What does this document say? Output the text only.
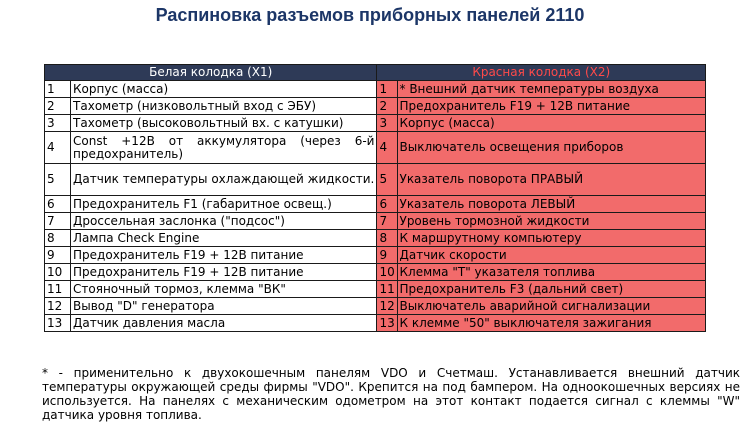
Распиновка разъемов приборных панелей 2110
Белая колодка (X1)		Красная колодка (X2)	
1	Корпус (масса)	1	* Внешний датчик температуры воздуха
2	Тахометр (низковольтный вход с ЭБУ)	2	Предохранитель F19 + 12В питание
3	Тахометр (высоковольтный вх. с катушки)	3	Корпус (масса)
4	Const +12В от аккумулятора (через 6-й предохранитель)	4	Выключатель освещения приборов
5	Датчик температуры охлаждающей жидкости.	5	Указатель поворота ПРАВЫЙ
6	Предохранитель F1 (габаритное освещ.)	6	Указатель поворота ЛЕВЫЙ
7	Дроссельная заслонка ("подсос")	7	Уровень тормозной жидкости
8	Лампа Check Engine	8	К маршрутному компьютеру
9	Предохранитель F19 + 12В питание	9	Датчик скорости
10	Предохранитель F19 + 12В питание	10	Клемма "T" указателя топлива
11	Стояночный тормоз, клемма "ВК"	11	Предохранитель F3 (дальний свет)
12	Вывод "D" генератора	12	Выключатель аварийной сигнализации
13	Датчик давления масла	13	К клемме "50" выключателя зажигания

* - применительно к двухокошечным панелям VDO и Счетмаш. Устанавливается внешний датчик температуры окружающей среды фирмы "VDO". Крепится на под бампером. На одноокошечных версиях не используется. На панелях с механическим одометром на этот контакт подается сигнал с клеммы "W" датчика уровня топлива.
